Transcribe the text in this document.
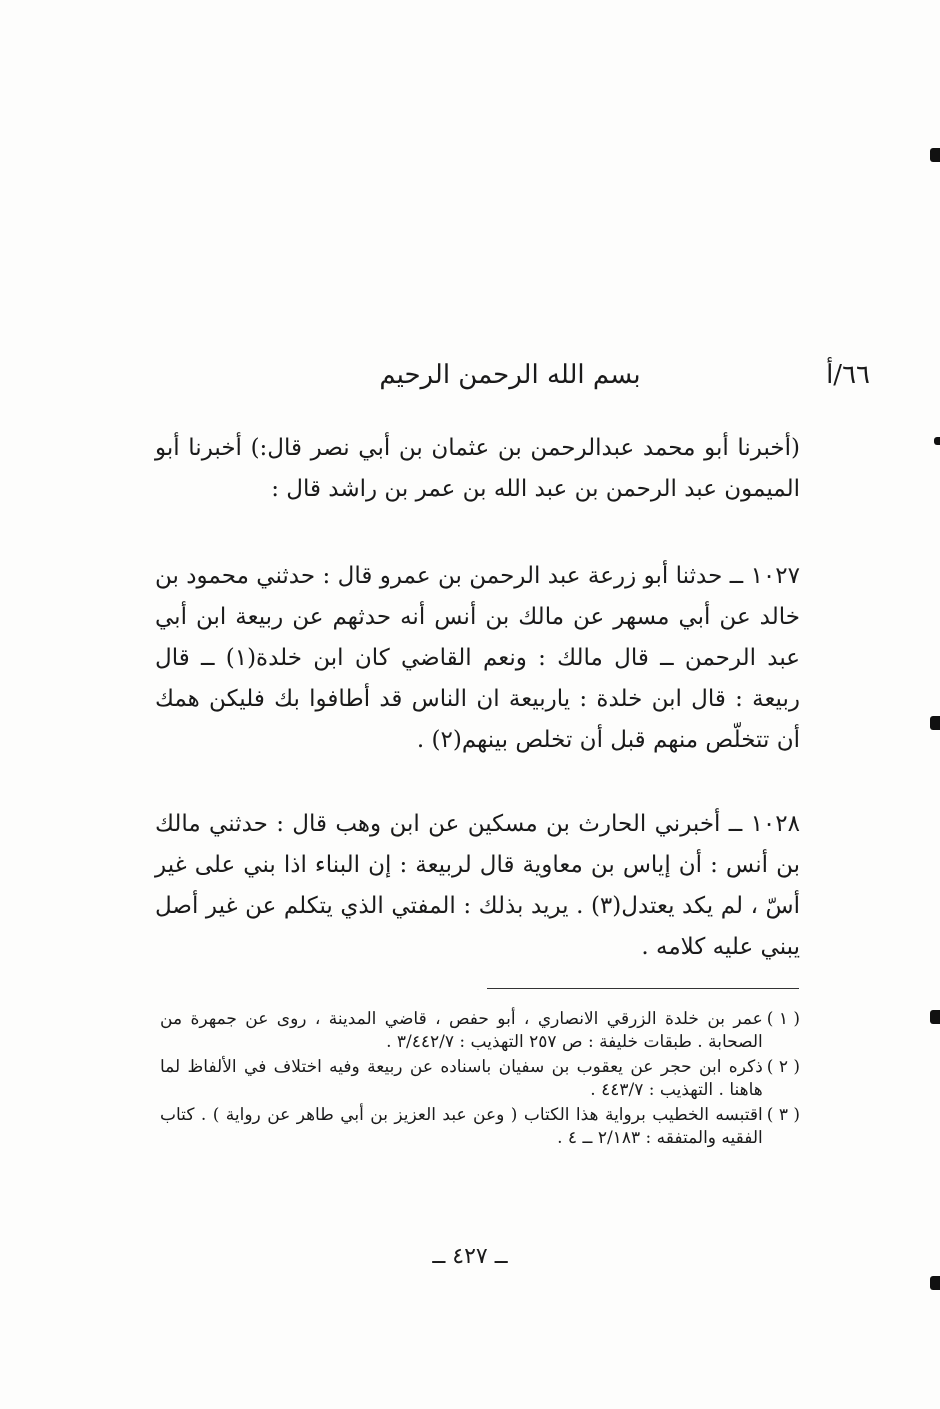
٦٦/أ
بسم الله الرحمن الرحيم

(أخبرنا أبو محمد عبدالرحمن بن عثمان بن أبي نصر قال:) أخبرنا أبو الميمون عبد الرحمن بن عبد الله بن عمر بن راشد قال :

١٠٢٧ ــ حدثنا أبو زرعة عبد الرحمن بن عمرو قال : حدثني محمود بن خالد عن أبي مسهر عن مالك بن أنس أنه حدثهم عن ربيعة ابن أبي عبد الرحمن ــ قال مالك : ونعم القاضي كان ابن خلدة(١) ــ قال ربيعة : قال ابن خلدة : ياربيعة ان الناس قد أطافوا بك فليكن همك أن تتخلّص منهم قبل أن تخلص بينهم(٢) .

١٠٢٨ ــ أخبرني الحارث بن مسكين عن ابن وهب قال : حدثني مالك بن أنس : أن إياس بن معاوية قال لربيعة : إن البناء اذا بني على غير أسّ ، لم يكد يعتدل(٣) . يريد بذلك : المفتي الذي يتكلم عن غير أصل يبني عليه كلامه .

( ١ )
عمر بن خلدة الزرقي الانصاري ، أبو حفص ، قاضي المدينة ، روى عن جمهرة من الصحابة . طبقات خليفة : ص ٢٥٧ التهذيب : ٣/٤٤٢/٧ .
( ٢ )
ذكره ابن حجر عن يعقوب بن سفيان باسناده عن ربيعة وفيه اختلاف في الألفاظ لما هاهنا . التهذيب : ٤٤٣/٧ .
( ٣ )
اقتبسه الخطيب برواية هذا الكتاب ( وعن عبد العزيز بن أبي طاهر عن رواية ) . كتاب الفقيه والمتفقه : ٢/١٨٣ ــ ٤ .
ــ ٤٢٧ ــ
